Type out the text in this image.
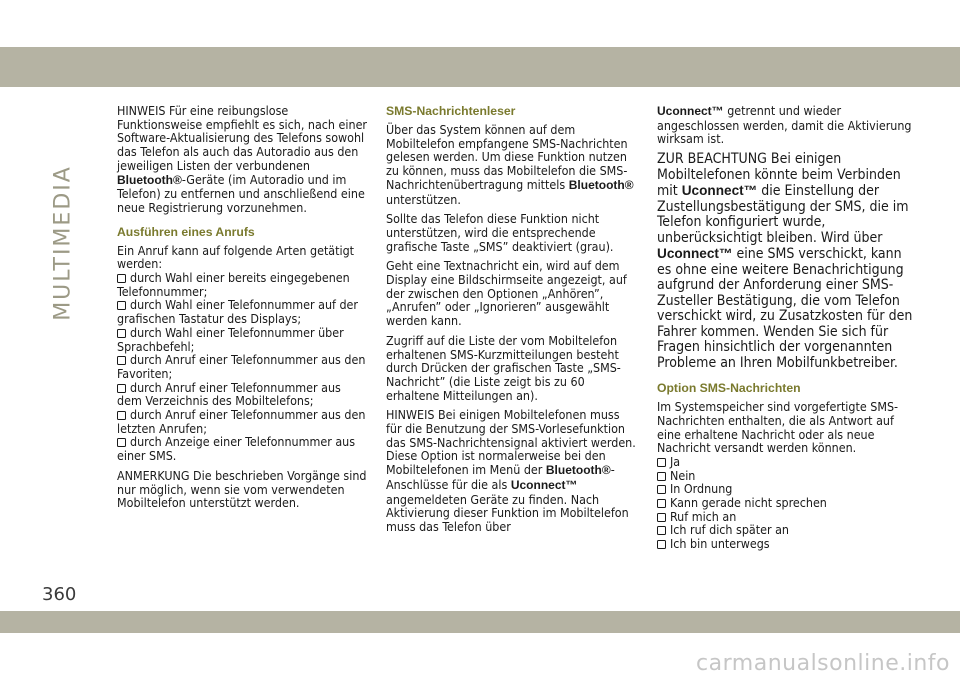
MULTIMEDIA

HINWEIS Für eine reibungslose Funktionsweise empfiehlt es sich, nach einer Software-Aktualisierung des Telefons sowohl das Telefon als auch das Autoradio aus den jeweiligen Listen der verbundenen Bluetooth®-Geräte (im Autoradio und im Telefon) zu entfernen und anschließend eine neue Registrierung vorzunehmen.

Ausführen eines Anrufs

Ein Anruf kann auf folgende Arten getätigt werden:

durch Wahl einer bereits eingegebenen Telefonnummer;
durch Wahl einer Telefonnummer auf der grafischen Tastatur des Displays;
durch Wahl einer Telefonnummer über Sprachbefehl;
durch Anruf einer Telefonnummer aus den Favoriten;
durch Anruf einer Telefonnummer aus dem Verzeichnis des Mobiltelefons;
durch Anruf einer Telefonnummer aus den letzten Anrufen;
durch Anzeige einer Telefonnummer aus einer SMS.

ANMERKUNG Die beschrieben Vorgänge sind nur möglich, wenn sie vom verwendeten Mobiltelefon unterstützt werden.

SMS-Nachrichtenleser

Über das System können auf dem Mobiltelefon empfangene SMS-Nachrichten gelesen werden. Um diese Funktion nutzen zu können, muss das Mobiltelefon die SMS-Nachrichtenübertragung mittels Bluetooth® unterstützen.

Sollte das Telefon diese Funktion nicht unterstützen, wird die entsprechende grafische Taste „SMS” deaktiviert (grau).

Geht eine Textnachricht ein, wird auf dem Display eine Bildschirmseite angezeigt, auf der zwischen den Optionen „Anhören”, „Anrufen” oder „Ignorieren” ausgewählt werden kann.

Zugriff auf die Liste der vom Mobiltelefon erhaltenen SMS-Kurzmitteilungen besteht durch Drücken der grafischen Taste „SMS-Nachricht” (die Liste zeigt bis zu 60 erhaltene Mitteilungen an).

HINWEIS Bei einigen Mobiltelefonen muss für die Benutzung der SMS-Vorlesefunktion das SMS-Nachrichtensignal aktiviert werden. Diese Option ist normalerweise bei den Mobiltelefonen im Menü der Bluetooth®-Anschlüsse für die als Uconnect™ angemeldeten Geräte zu finden. Nach Aktivierung dieser Funktion im Mobiltelefon muss das Telefon über

Uconnect™ getrennt und wieder angeschlossen werden, damit die Aktivierung wirksam ist.

ZUR BEACHTUNG Bei einigen Mobiltelefonen könnte beim Verbinden mit Uconnect™ die Einstellung der Zustellungsbestätigung der SMS, die im Telefon konfiguriert wurde, unberücksichtigt bleiben. Wird über Uconnect™ eine SMS verschickt, kann es ohne eine weitere Benachrichtigung aufgrund der Anforderung einer SMS-Zusteller Bestätigung, die vom Telefon verschickt wird, zu Zusatzkosten für den Fahrer kommen. Wenden Sie sich für Fragen hinsichtlich der vorgenannten Probleme an Ihren Mobilfunkbetreiber.

Option SMS-Nachrichten

Im Systemspeicher sind vorgefertigte SMS-Nachrichten enthalten, die als Antwort auf eine erhaltene Nachricht oder als neue Nachricht versandt werden können.

Ja
Nein
In Ordnung
Kann gerade nicht sprechen
Ruf mich an
Ich ruf dich später an
Ich bin unterwegs
360
carmanualsonline.info
